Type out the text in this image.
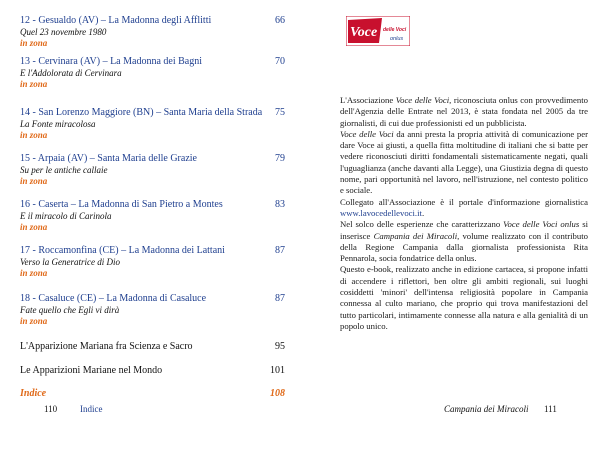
12 - Gesualdo (AV) – La Madonna degli Afflitti	66
Quel 23 novembre 1980
in zona
13 - Cervinara (AV) – La Madonna dei Bagni	70
E l'Addolorata di Cervinara
in zona
14 - San Lorenzo Maggiore (BN) – Santa Maria della Strada	75
La Fonte miracolosa
in zona
15 - Arpaia (AV) – Santa Maria delle Grazie	79
Su per le antiche callaie
in zona
16 - Caserta – La Madonna di San Pietro a Montes	83
E il miracolo di Carinola
in zona
17 - Roccamonfina (CE) – La Madonna dei Lattani	87
Verso la Generatrice di Dio
in zona
18 - Casaluce (CE) – La Madonna di Casaluce	87
Fate quello che Egli vi dirà
in zona
L'Apparizione Mariana fra Scienza e Sacro	95
Le Apparizioni Mariane nel Mondo	101
Indice	108
110	Indice
Voce delle Voci
onlus

L'Associazione Voce delle Voci, riconosciuta onlus con provvedimento dell'Agenzia delle Entrate nel 2013, è stata fondata nel 2005 da tre giornalisti, di cui due professionisti ed un pubblicista.

Voce delle Voci da anni presta la propria attività di comunicazione per dare Voce ai giusti, a quella fitta moltitudine di italiani che si batte per vedere riconosciuti diritti fondamentali sistematicamente negati, quali l'uguaglianza (anche davanti alla Legge), una Giustizia degna di questo nome, pari opportunità nel lavoro, nell'istruzione, nel contesto politico e sociale.

Collegato all'Associazione è il portale d'informazione giornalistica www.lavocedellevoci.it.

Nel solco delle esperienze che caratterizzano Voce delle Voci onlus si inserisce Campania dei Miracoli, volume realizzato con il contributo della Regione Campania dalla giornalista professionista Rita Pennarola, socia fondatrice della onlus.

Questo e-book, realizzato anche in edizione cartacea, si propone infatti di accendere i riflettori, ben oltre gli ambiti regionali, sui luoghi cosiddetti 'minori' dell'intensa religiosità popolare in Campania connessa al culto mariano, che proprio qui trova manifestazioni del tutto particolari, intimamente connesse alla natura e alla genialità di un popolo unico.

Campania dei Miracoli 111
